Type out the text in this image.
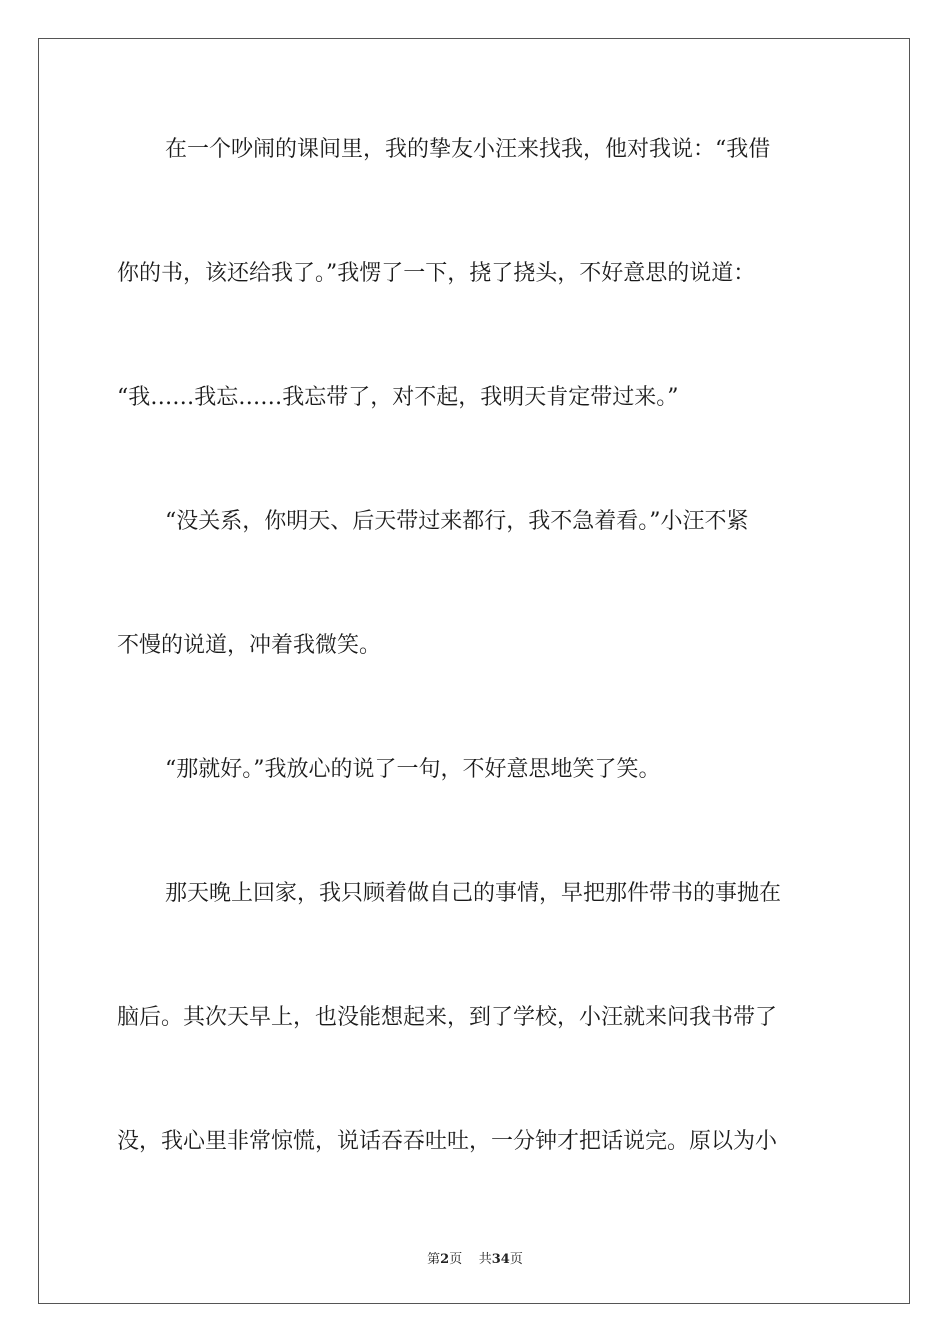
在一个吵闹的课间里，我的挚友小汪来找我，他对我说：“我借
你的书，该还给我了。”我愣了一下，挠了挠头，不好意思的说道：
“我……我忘……我忘带了，对不起，我明天肯定带过来。”
“没关系，你明天、后天带过来都行，我不急着看。”小汪不紧
不慢的说道，冲着我微笑。
“那就好。”我放心的说了一句，不好意思地笑了笑。
那天晚上回家，我只顾着做自己的事情，早把那件带书的事抛在
脑后。其次天早上，也没能想起来，到了学校，小汪就来问我书带了
没，我心里非常惊慌，说话吞吞吐吐，一分钟才把话说完。原以为小
第2页 共34页
